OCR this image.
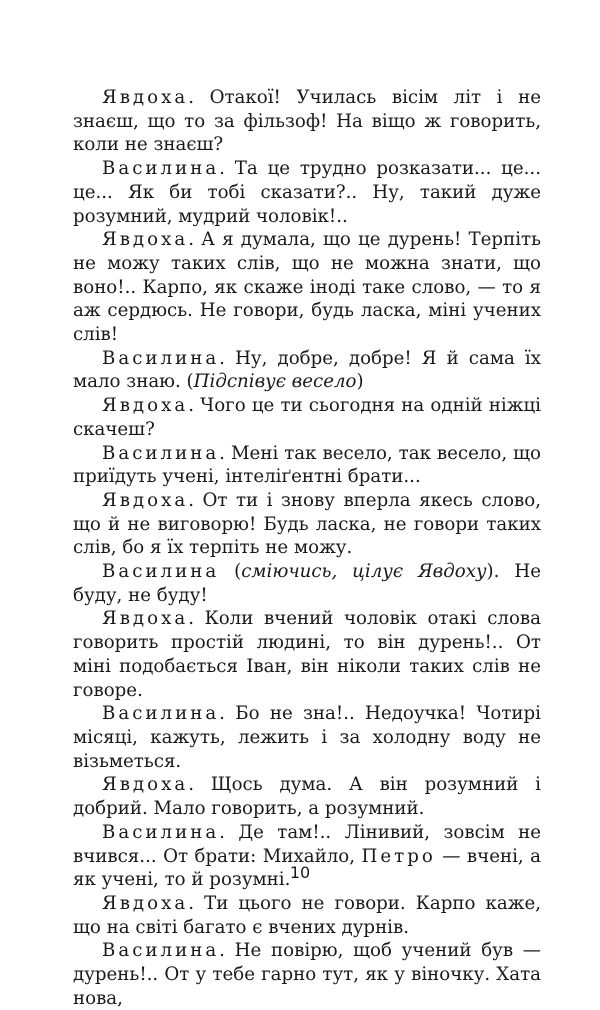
Явдоха. Отакої! Училась вісім літ і не знаєш, що то за фільзоф! На віщо ж говорить, коли не знаєш?

Василина. Та це трудно розказати... це... це... Як би тобі сказати?.. Ну, такий дуже розумний, мудрий чоловік!..

Явдоха. А я думала, що це дурень! Терпіть не можу таких слів, що не можна знати, що воно!.. Карпо, як скаже іноді таке слово, — то я аж сердюсь. Не говори, будь ласка, міні учених слів!

Василина. Ну, добре, добре! Я й сама їх мало знаю. (Підспівує весело)

Явдоха. Чого це ти сьогодня на одній ніжці скачеш?

Василина. Мені так весело, так весело, що приїдуть учені, інтеліґентні брати...

Явдоха. От ти і знову вперла якесь слово, що й не виговорю! Будь ласка, не говори таких слів, бо я їх терпіть не можу.

Василина (сміючись, цілує Явдоху). Не буду, не буду!

Явдоха. Коли вчений чоловік отакі слова говорить простій людині, то він дурень!.. От міні подобається Іван, він ніколи таких слів не говоре.

Василина. Бо не зна!.. Недоучка! Чотирі місяці, кажуть, лежить і за холодну воду не візьметься.

Явдоха. Щось дума. А він розумний і добрий. Мало говорить, а розумний.

Василина. Де там!.. Лінивий, зовсім не вчився... От брати: Михайло, Петро — вчені, а як учені, то й розумні.

Явдоха. Ти цього не говори. Карпо каже, що на світі багато є вчених дурнів.

Василина. Не повірю, щоб учений був — дурень!.. От у тебе гарно тут, як у віночку. Хата нова,

10
